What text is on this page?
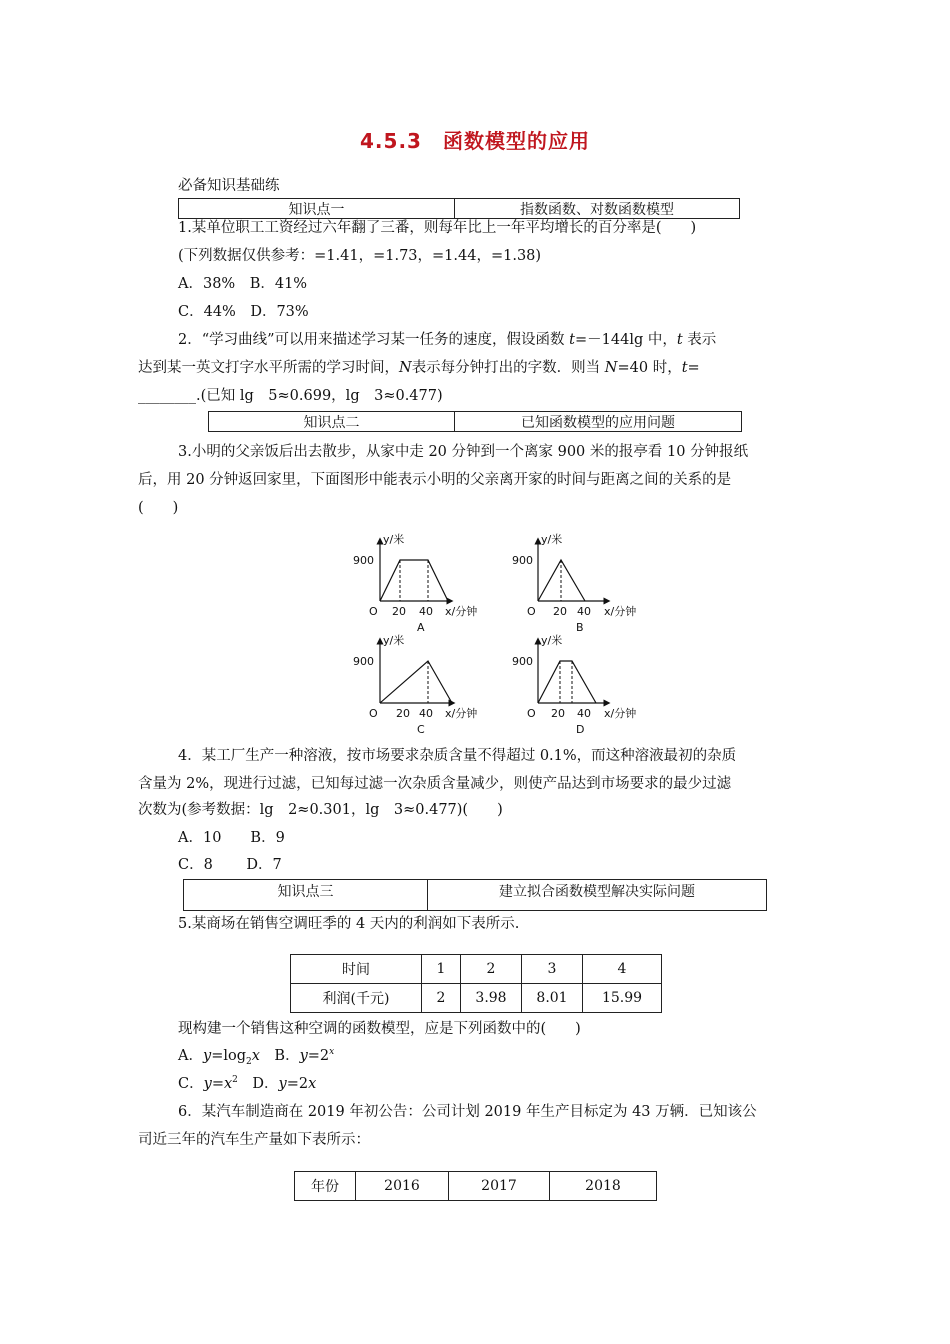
4.5.3　函数模型的应用
必备知识基础练
知识点一	指数函数、对数函数模型
1.某单位职工工资经过六年翻了三番，则每年比上一年平均增长的百分率是(　　)
(下列数据仅供参考：=1.41，=1.73，=1.44，=1.38)
A．38%　B．41%
C．44%　D．73%
2．“学习曲线”可以用来描述学习某一任务的速度，假设函数 t=－144lg 中，t 表示
达到某一英文打字水平所需的学习时间，N表示每分钟打出的字数．则当 N=40 时，t=
________.(已知 lg　5≈0.699，lg　3≈0.477)
知识点二	已知函数模型的应用问题
3.小明的父亲饭后出去散步，从家中走 20 分钟到一个离家 900 米的报亭看 10 分钟报纸
后，用 20 分钟返回家里，下面图形中能表示小明的父亲离开家的时间与距离之间的关系的是
(　　)
y/米
900
O 20 40 x/分钟
A
y/米
900
O 20 40 x/分钟
B
y/米
900
O 20 40 x/分钟
C
y/米
900
O 20 40 x/分钟
D
4．某工厂生产一种溶液，按市场要求杂质含量不得超过 0.1%，而这种溶液最初的杂质
含量为 2%，现进行过滤，已知每过滤一次杂质含量减少，则使产品达到市场要求的最少过滤
次数为(参考数据：lg　2≈0.301，lg　3≈0.477)(　　)
A．10　　B．9
C．8　　 D．7
知识点三	建立拟合函数模型解决实际问题
5.某商场在销售空调旺季的 4 天内的利润如下表所示.
时间	1	2	3	4
利润(千元)	2	3.98	8.01	15.99
现构建一个销售这种空调的函数模型，应是下列函数中的(　　)
A．$y=\log_2x$　B．$y=2^x$
C．$y=x^2$　D．y=2x
6．某汽车制造商在 2019 年初公告：公司计划 2019 年生产目标定为 43 万辆．已知该公
司近三年的汽车生产量如下表所示：
年份	2016	2017	2018
